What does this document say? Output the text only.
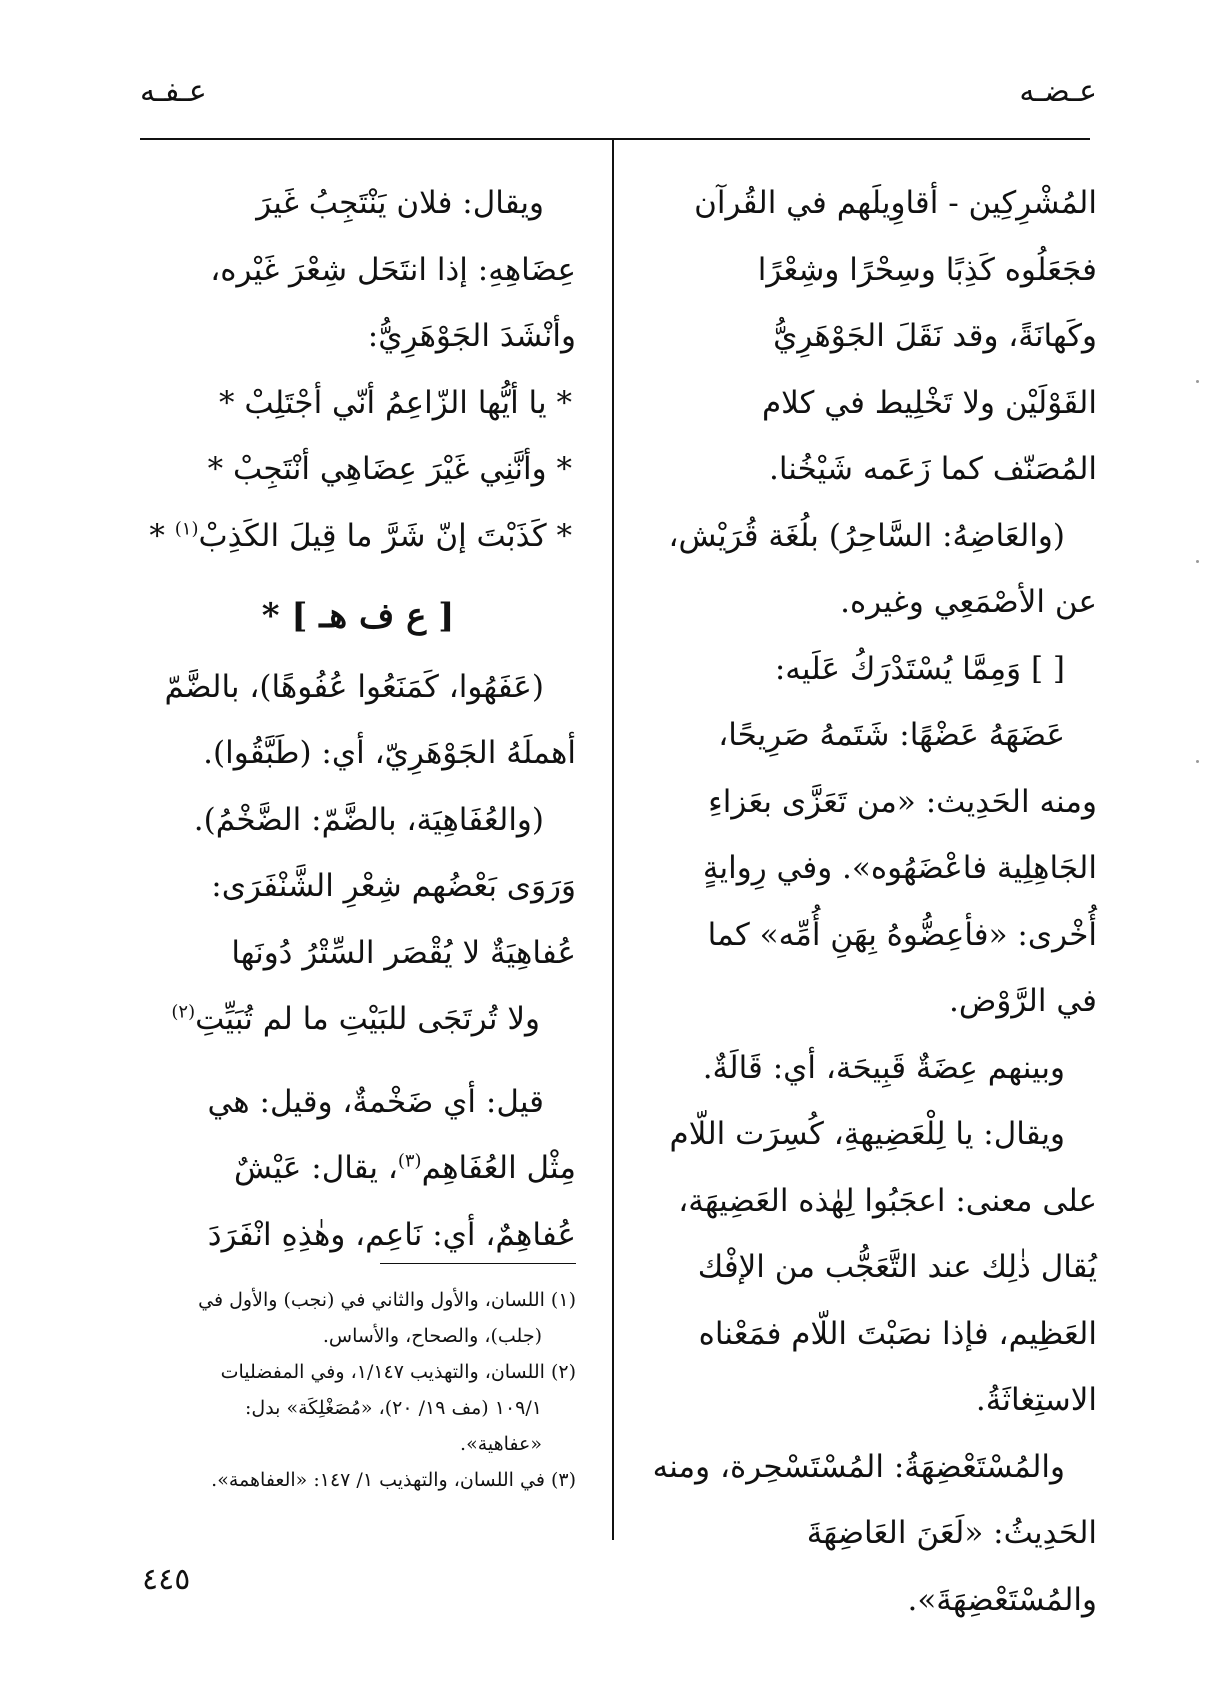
عـضـه
عـفـه

المُشْرِكِين - أقاوِيلَهم في القُرآن

فجَعَلُوه كَذِبًا وسِحْرًا وشِعْرًا

وكَهانَةً، وقد نَقَلَ الجَوْهَرِيُّ

القَوْلَيْن ولا تَخْلِيط في كلام

المُصَنّف كما زَعَمه شَيْخُنا.

(والعَاضِهُ: السَّاحِرُ) بلُغَة قُرَيْش،

عن الأصْمَعِي وغيره.

[ ] وَمِمَّا يُسْتَدْرَكُ عَلَيه:

عَضَهَهُ عَضْهًا: شَتَمهُ صَرِيحًا،

ومنه الحَدِيث: «من تَعَزَّى بعَزاءِ

الجَاهِلِية فاعْضَهُوه». وفي رِوايةٍ

أُخْرى: «فأعِضُّوهُ بِهَنِ أُمِّه» كما

في الرَّوْض.

وبينهم عِضَةٌ قَبِيحَة، أي: قَالَةٌ.

ويقال: يا لِلْعَضِيهةِ، كُسِرَت اللّام

على معنى: اعجَبُوا لِهٰذه العَضِيهَة،

يُقال ذٰلِك عند التَّعَجُّب من الإفْك

العَظِيم، فإذا نصَبْتَ اللّام فمَعْناه

الاستِغاثَةُ.

والمُسْتَعْضِهَةُ: المُسْتَسْحِرة، ومنه

الحَدِيثُ: «لَعَنَ العَاضِهَةَ

والمُسْتَعْضِهَةَ».

ويقال: فلان يَنْتَجِبُ غَيرَ

عِضَاهِهِ: إذا انتَحَل شِعْرَ غَيْره،

وأنْشَدَ الجَوْهَرِيُّ:

* يا أيُّها الزّاعِمُ أنّي أجْتَلِبْ *

* وأنَّنِي غَيْرَ عِضَاهِي أنْتَجِبْ *

* كَذَبْتَ إنّ شَرَّ ما قِيلَ الكَذِبْ$^{(١)}$ *

[ ع ف هـ ] *

(عَفَهُوا، كَمَنَعُوا عُفُوهًا)، بالضَّمّ

أهملَهُ الجَوْهَرِيّ، أي: (طَبَّقُوا).

(والعُفَاهِيَة، بالضَّمّ: الضَّخْمُ).

وَرَوَى بَعْضُهم شِعْرِ الشَّنْفَرَى:

عُفاهِيَةٌ لا يُقْصَر السِّتْرُ دُونَها

ولا تُرتَجَى للبَيْتِ ما لم تُبَيِّتِ$^{(٢)}$

قيل: أي ضَخْمةٌ، وقيل: هي

مِثْل العُفَاهِم$^{(٣)}$، يقال: عَيْشٌ

عُفاهِمٌ، أي: نَاعِم، وهٰذِهِ انْفَرَدَ

(١) اللسان، والأول والثاني في (نجب) والأول في

(جلب)، والصحاح، والأساس.

(٢) اللسان، والتهذيب ١/١٤٧، وفي المفضليات

١٠٩/١ (مف ١٩/ ٢٠)، «مُصَغْلِكَة» بدل:

«عفاهية».

(٣) في اللسان، والتهذيب ١/ ١٤٧: «العفاهمة».

٤٤٥
